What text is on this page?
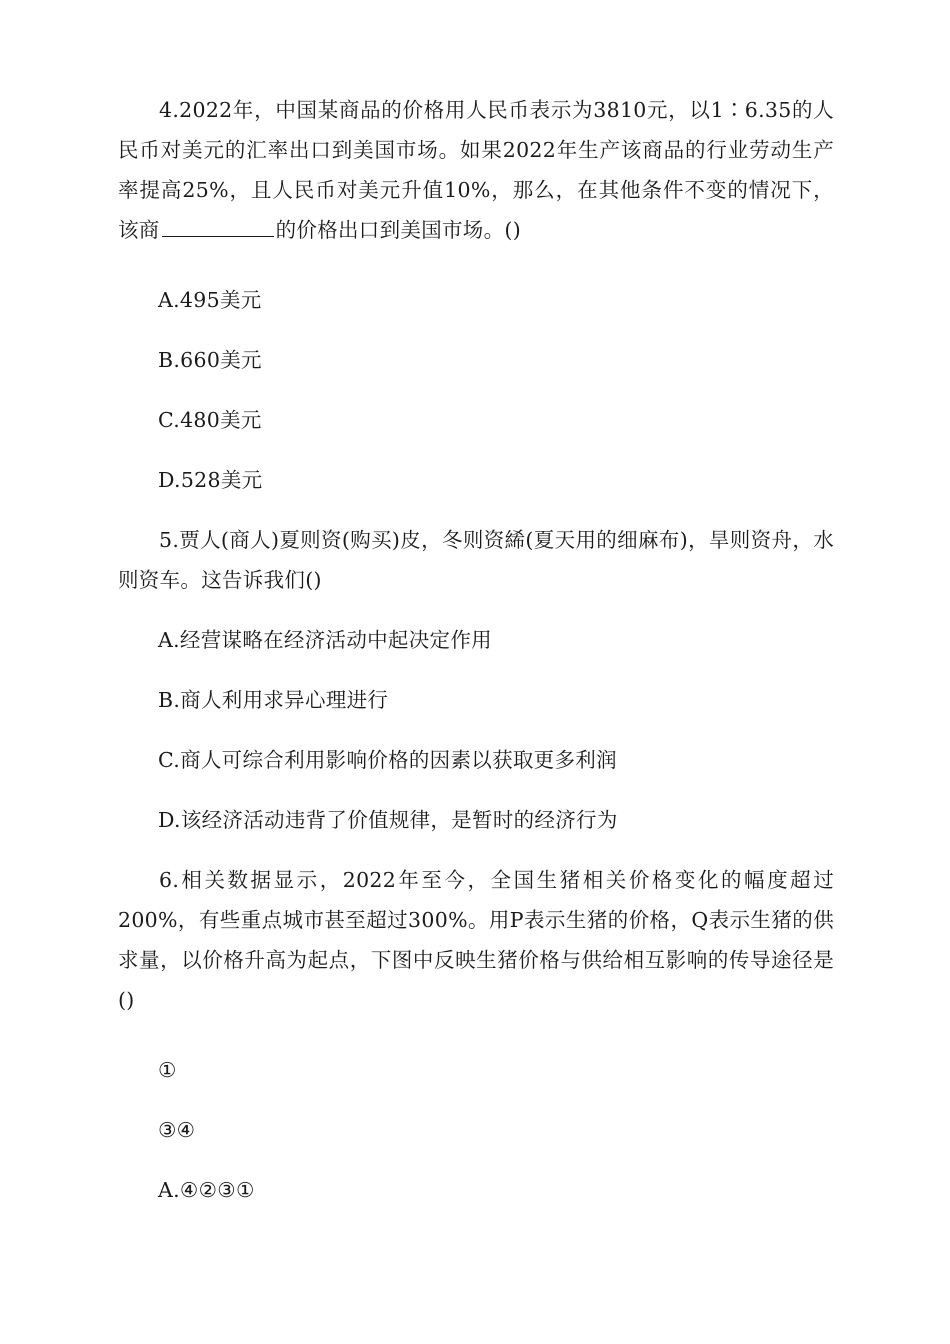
4.2022年，中国某商品的价格用人民币表示为3810元，以1∶6.35的人民币对美元的汇率出口到美国市场。如果2022年生产该商品的行业劳动生产率提高25%，且人民币对美元升值10%，那么，在其他条件不变的情况下，该商	的价格出口到美国市场。()

A.495美元

B.660美元

C.480美元

D.528美元

5.贾人(商人)夏则资(购买)皮，冬则资絺(夏天用的细麻布)，旱则资舟，水则资车。这告诉我们()

A.经营谋略在经济活动中起决定作用

B.商人利用求异心理进行

C.商人可综合利用影响价格的因素以获取更多利润

D.该经济活动违背了价值规律，是暂时的经济行为

6.相关数据显示，2022年至今，全国生猪相关价格变化的幅度超过200%，有些重点城市甚至超过300%。用P表示生猪的价格，Q表示生猪的供求量，以价格升高为起点，下图中反映生猪价格与供给相互影响的传导途径是()

①

③④

A.④②③①
